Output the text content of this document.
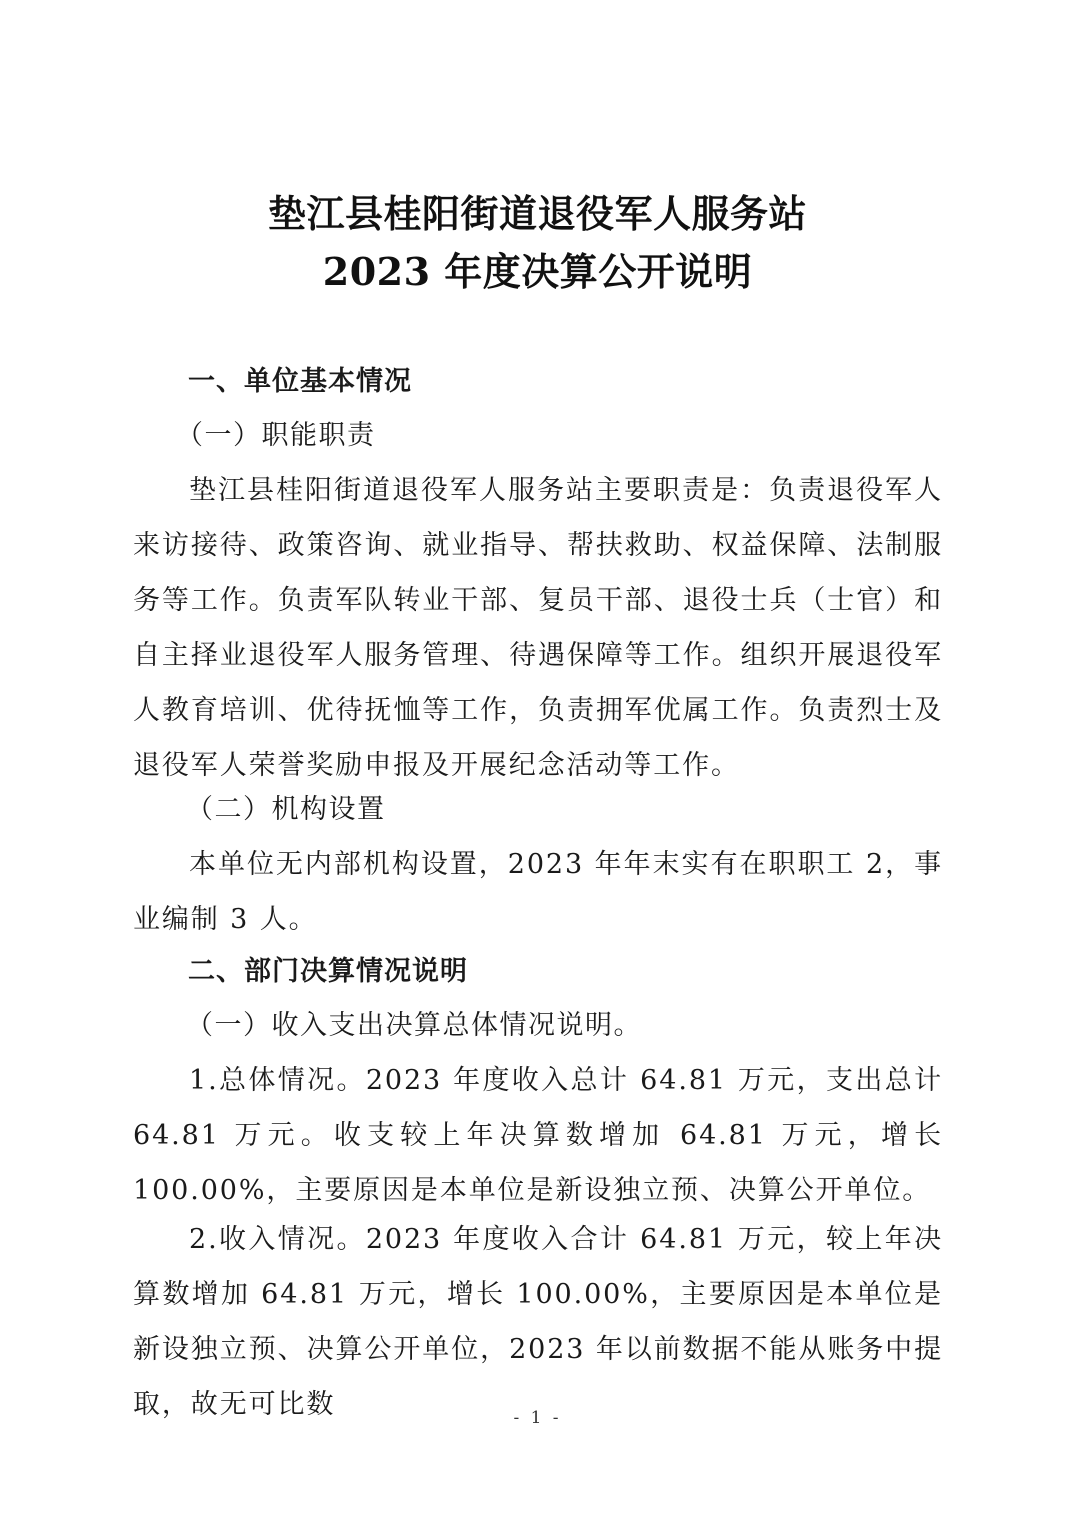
垫江县桂阳街道退役军人服务站
2023 年度决算公开说明
一、单位基本情况
（一）职能职责
垫江县桂阳街道退役军人服务站主要职责是：负责退役军人来访接待、政策咨询、就业指导、帮扶救助、权益保障、法制服务等工作。负责军队转业干部、复员干部、退役士兵（士官）和自主择业退役军人服务管理、待遇保障等工作。组织开展退役军人教育培训、优待抚恤等工作，负责拥军优属工作。负责烈士及退役军人荣誉奖励申报及开展纪念活动等工作。
（二）机构设置
本单位无内部机构设置，2023 年年末实有在职职工 2，事业编制 3 人。
二、部门决算情况说明
（一）收入支出决算总体情况说明。
1.总体情况。2023 年度收入总计 64.81 万元，支出总计 64.81 万元。收支较上年决算数增加 64.81 万元，增长 100.00%，主要原因是本单位是新设独立预、决算公开单位。
2.收入情况。2023 年度收入合计 64.81 万元，较上年决算数增加 64.81 万元，增长 100.00%，主要原因是本单位是新设独立预、决算公开单位，2023 年以前数据不能从账务中提取，故无可比数	- 1 -
